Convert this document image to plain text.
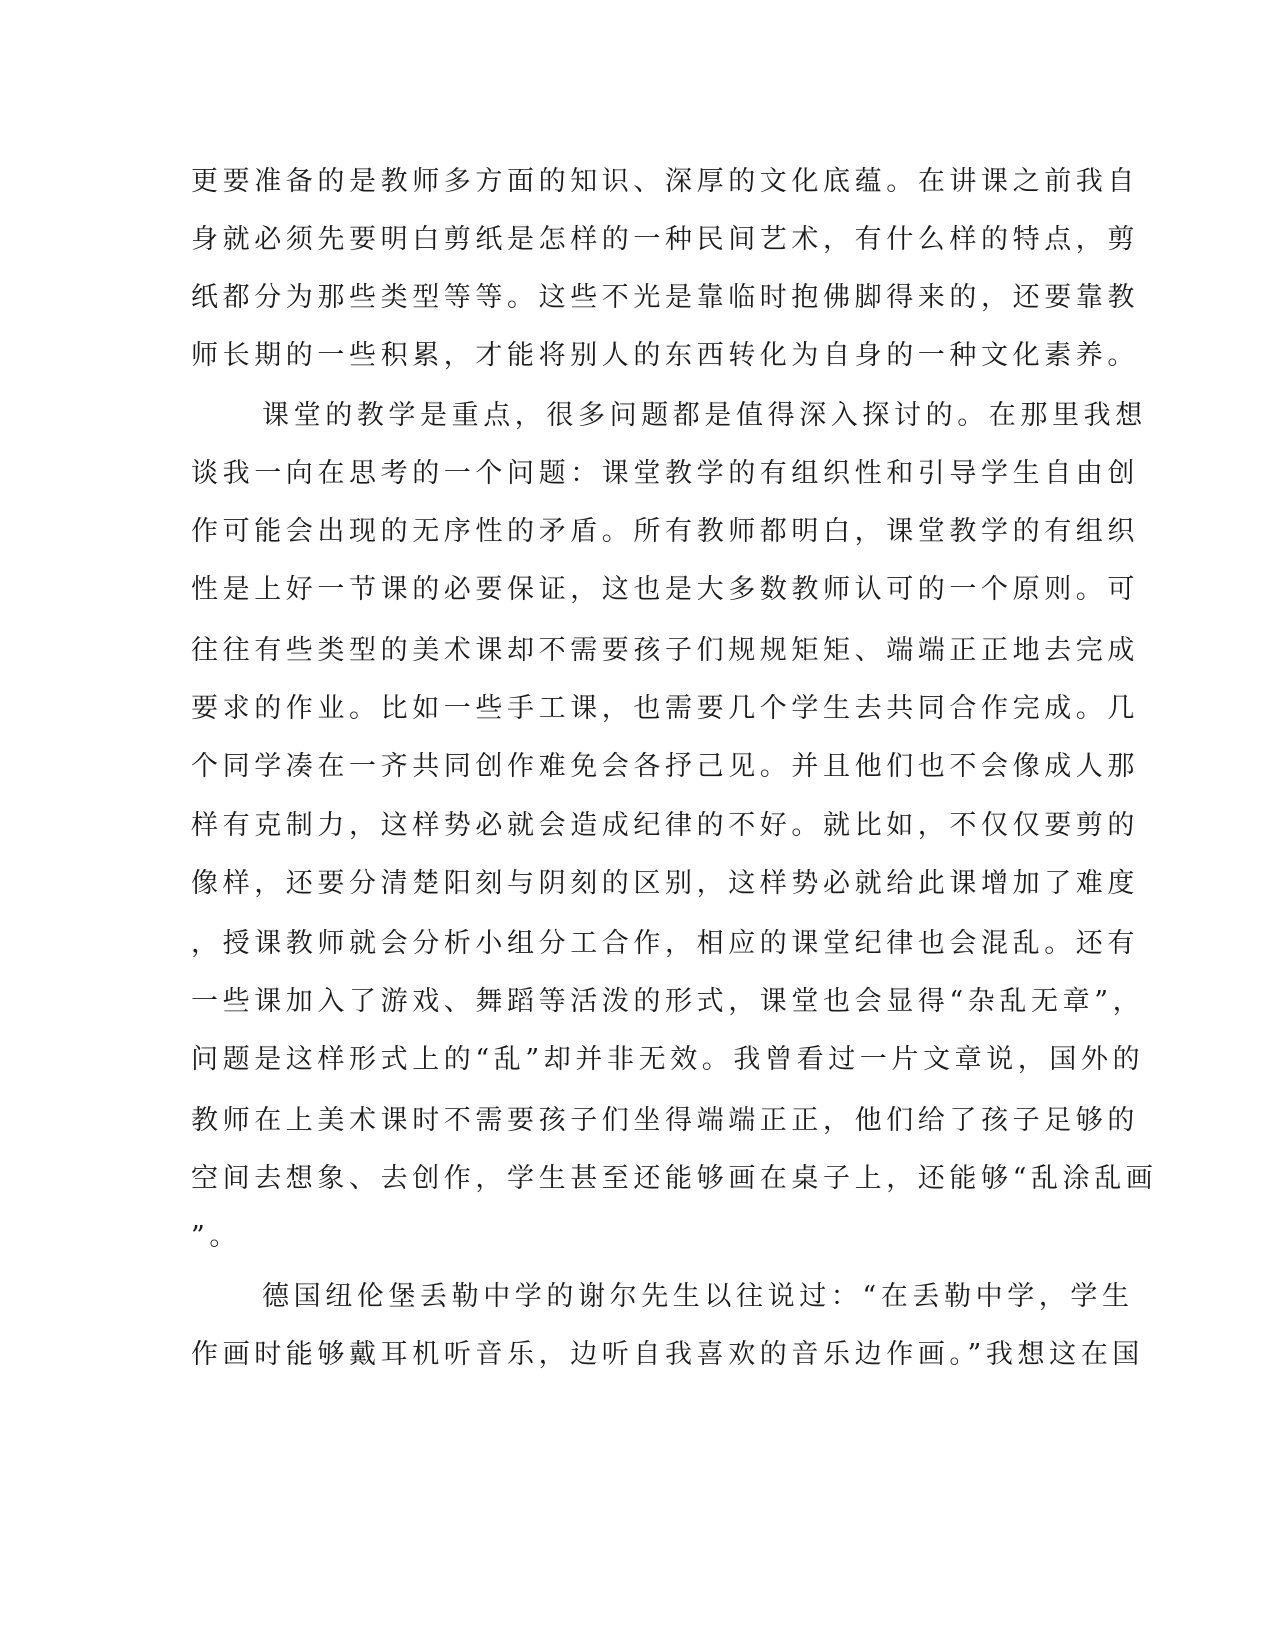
更要准备的是教师多方面的知识、深厚的文化底蕴。在讲课之前我自
身就必须先要明白剪纸是怎样的一种民间艺术，有什么样的特点，剪
纸都分为那些类型等等。这些不光是靠临时抱佛脚得来的，还要靠教
师长期的一些积累，才能将别人的东西转化为自身的一种文化素养。
课堂的教学是重点，很多问题都是值得深入探讨的。在那里我想
谈我一向在思考的一个问题：课堂教学的有组织性和引导学生自由创
作可能会出现的无序性的矛盾。所有教师都明白，课堂教学的有组织
性是上好一节课的必要保证，这也是大多数教师认可的一个原则。可
往往有些类型的美术课却不需要孩子们规规矩矩、端端正正地去完成
要求的作业。比如一些手工课，也需要几个学生去共同合作完成。几
个同学凑在一齐共同创作难免会各抒己见。并且他们也不会像成人那
样有克制力，这样势必就会造成纪律的不好。就比如，不仅仅要剪的
像样，还要分清楚阳刻与阴刻的区别，这样势必就给此课增加了难度
，授课教师就会分析小组分工合作，相应的课堂纪律也会混乱。还有
一些课加入了游戏、舞蹈等活泼的形式，课堂也会显得“杂乱无章”，
问题是这样形式上的“乱”却并非无效。我曾看过一片文章说，国外的
教师在上美术课时不需要孩子们坐得端端正正，他们给了孩子足够的
空间去想象、去创作，学生甚至还能够画在桌子上，还能够“乱涂乱画
”。
德国纽伦堡丢勒中学的谢尔先生以往说过：“在丢勒中学，学生
作画时能够戴耳机听音乐，边听自我喜欢的音乐边作画。”我想这在国
